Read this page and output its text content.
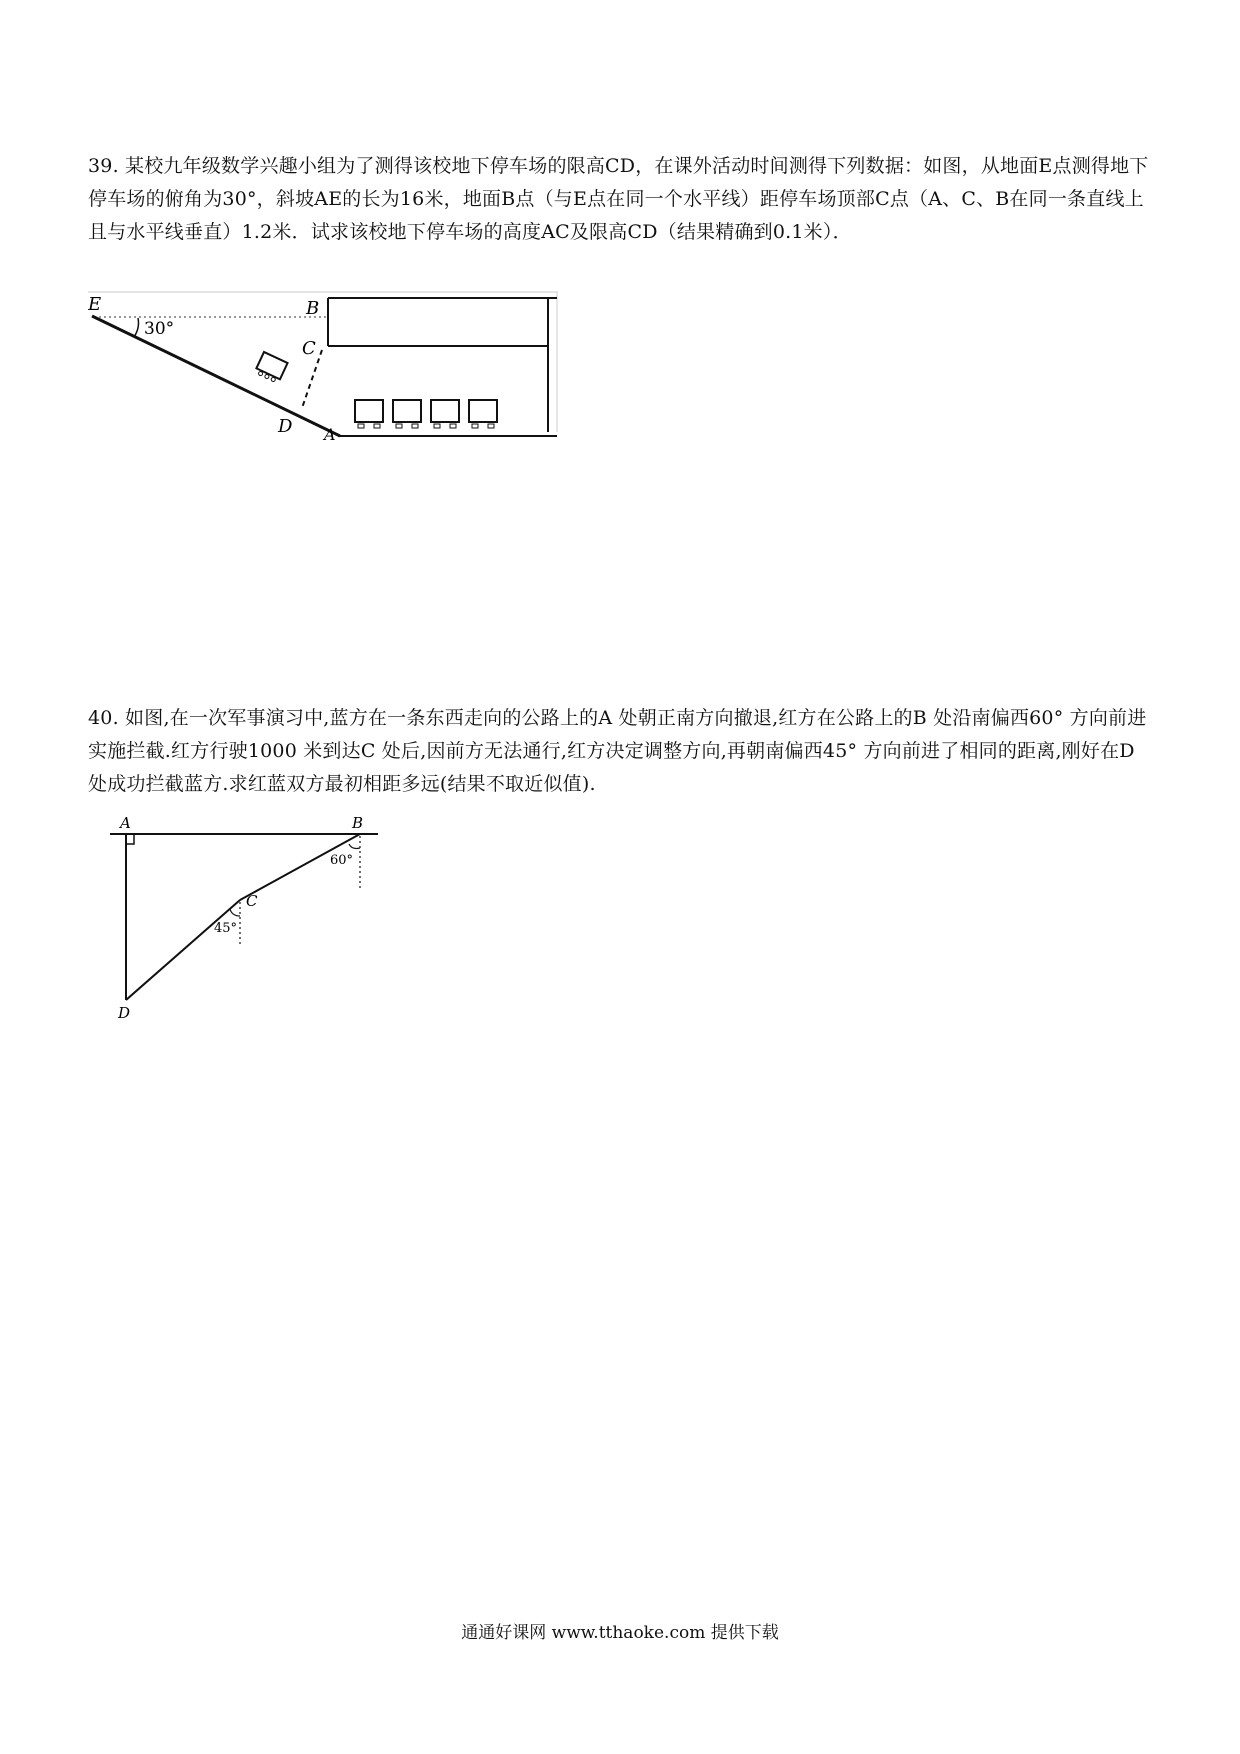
39. 某校九年级数学兴趣小组为了测得该校地下停车场的限高CD，在课外活动时间测得下列数据：如图，从地面E点测得地下停车场的俯角为30°，斜坡AE的长为16米，地面B点（与E点在同一个水平线）距停车场顶部C点（A、C、B在同一条直线上且与水平线垂直）1.2米．试求该校地下停车场的高度AC及限高CD（结果精确到0.1米）．

E
30°
B
C
D A

40. 如图,在一次军事演习中,蓝方在一条东西走向的公路上的A 处朝正南方向撤退,红方在公路上的B 处沿南偏西60° 方向前进实施拦截.红方行驶1000 米到达C 处后,因前方无法通行,红方决定调整方向,再朝南偏西45° 方向前进了相同的距离,刚好在D 处成功拦截蓝方.求红蓝双方最初相距多远(结果不取近似值).

A	B
60°
C
45°
D
通通好课网 www.tthaoke.com 提供下载
